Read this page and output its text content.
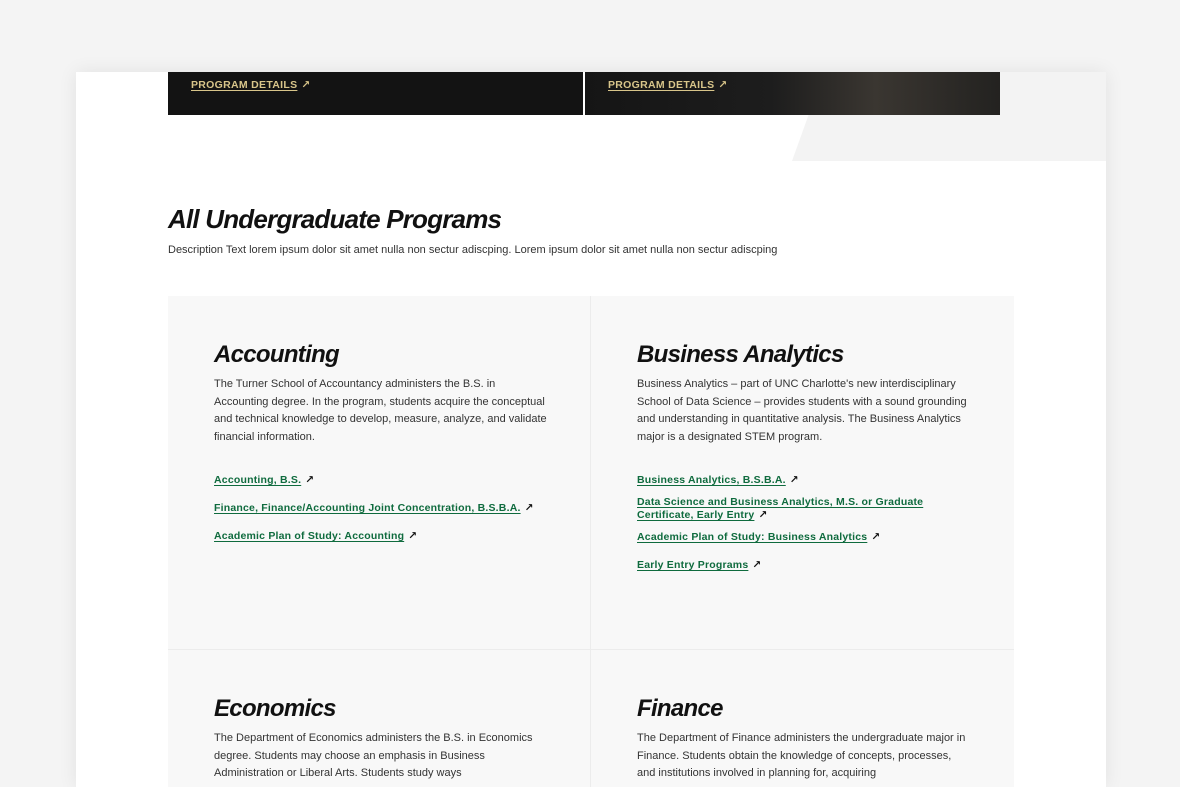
PROGRAM DETAILS ↗	PROGRAM DETAILS ↗
All Undergraduate Programs

Description Text lorem ipsum dolor sit amet nulla non sectur adiscping. Lorem ipsum dolor sit amet nulla non sectur adiscping

Accounting

The Turner School of Accountancy administers the B.S. in Accounting degree. In the program, students acquire the conceptual and technical knowledge to develop, measure, analyze, and validate financial information.

Accounting, B.S. ↗
Finance, Finance/Accounting Joint Concentration, B.S.B.A. ↗
Academic Plan of Study: Accounting ↗
Business Analytics

Business Analytics – part of UNC Charlotte's new interdisciplinary School of Data Science – provides students with a sound grounding and understanding in quantitative analysis. The Business Analytics major is a designated STEM program.

Business Analytics, B.S.B.A. ↗
Data Science and Business Analytics, M.S. or Graduate Certificate, Early Entry ↗
Academic Plan of Study: Business Analytics ↗
Early Entry Programs ↗
Economics

The Department of Economics administers the B.S. in Economics degree. Students may choose an emphasis in Business Administration or Liberal Arts. Students study ways

Finance

The Department of Finance administers the undergraduate major in Finance. Students obtain the knowledge of concepts, processes, and institutions involved in planning for, acquiring
